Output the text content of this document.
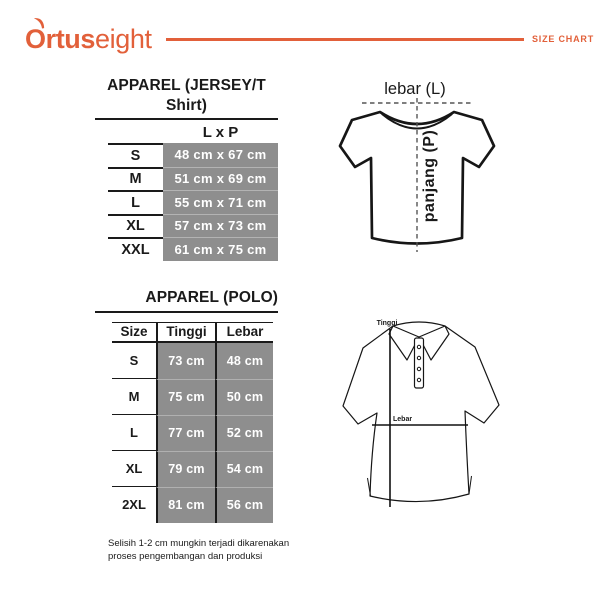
O rtus eight	SIZE CHART
APPAREL (JERSEY/T Shirt)
L x P
S	48 cm x 67 cm
M	51 cm x 69 cm
L	55 cm x 71 cm
XL	57 cm x 73 cm
XXL	61 cm x 75 cm
APPAREL (POLO)
Size	Tinggi	Lebar
S	73 cm	48 cm
M	75 cm	50 cm
L	77 cm	52 cm
XL	79 cm	54 cm
2XL	81 cm	56 cm
Selisih 1-2 cm mungkin terjadi dikarenakan proses pengembangan dan produksi
lebar (L)
panjang (P)
Tinggi
Lebar
